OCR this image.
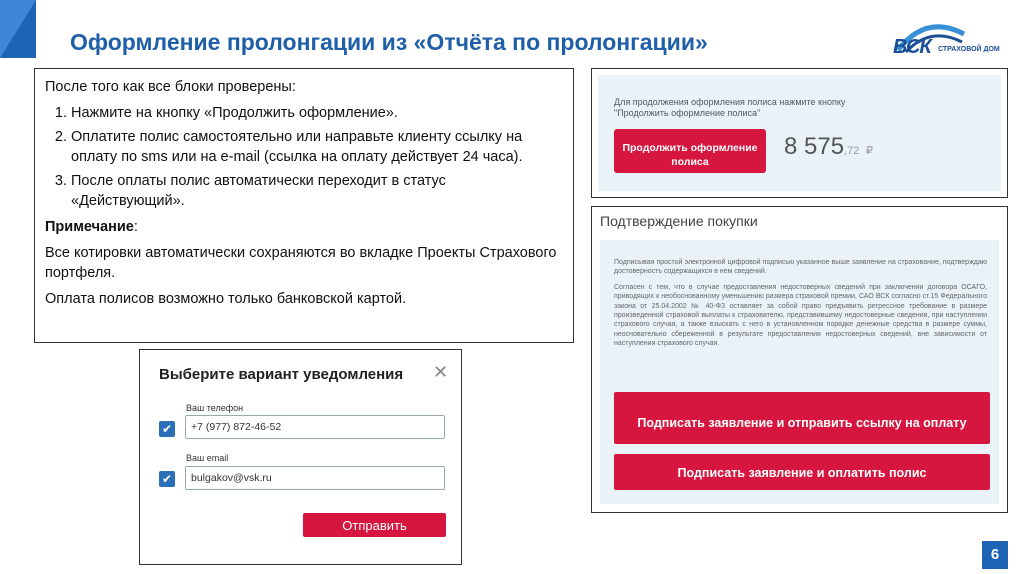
Оформление пролонгации из «Отчёта по пролонгации»	ВСК СТРАХОВОЙ ДОМ

После того как все блоки проверены:

1. Нажмите на кнопку «Продолжить оформление».
2. Оплатите полис самостоятельно или направьте клиенту ссылку на оплату по sms или на e-mail (ссылка на оплату действует 24 часа).
3. После оплаты полис автоматически переходит в статус «Действующий».

Примечание:

Все котировки автоматически сохраняются во вкладке Проекты Страхового портфеля.

Оплата полисов возможно только банковской картой.

Для продолжения оформления полиса нажмите кнопку "Продолжить оформление полиса"
Продолжить оформление полиса
8 575,72 ₽
Подтверждение покупки

Подписывая простой электронной цифровой подписью указанное выше заявление на страхование, подтверждаю достоверность содержащихся в нем сведений.

Согласен с тем, что в случае предоставления недостоверных сведений при заключении договора ОСАГО, приводящих к необоснованному уменьшению размера страховой премии, САО ВСК согласно ст.15 Федерального закона от 25.04.2002 № 40-ФЗ оставляет за собой право предъявить регрессное требование в размере произведенной страховой выплаты к страхователю, представившему недостоверные сведения, при наступлении страхового случая, а также взыскать с него в установленном порядке денежные средства в размере суммы, неосновательно сбереженной в результате предоставления недостоверных сведений, вне зависимости от наступления страхового случая.

Подписать заявление и отправить ссылку на оплату
Подписать заявление и оплатить полис
Выберите вариант уведомления ✕
Ваш телефон
✔	+7 (977) 872-46-52
Ваш email
✔	bulgakov@vsk.ru
Отправить
6
